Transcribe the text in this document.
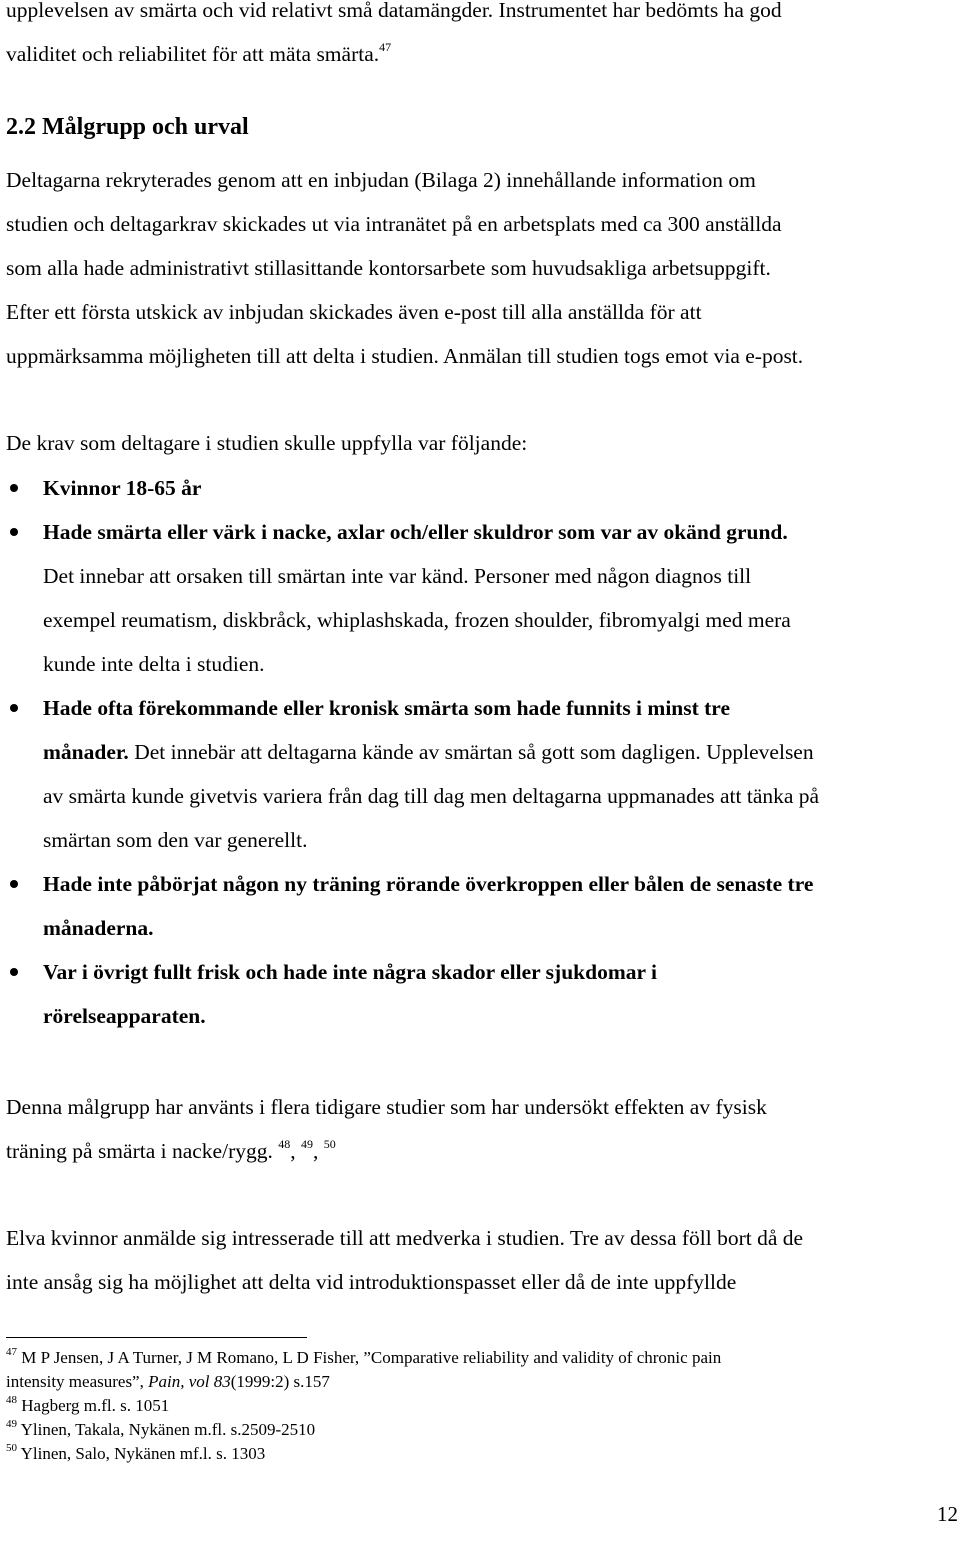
upplevelsen av smärta och vid relativt små datamängder. Instrumentet har bedömts ha god
validitet och reliabilitet för att mäta smärta.$^{47}$
2.2 Målgrupp och urval
Deltagarna rekryterades genom att en inbjudan (Bilaga 2) innehållande information om
studien och deltagarkrav skickades ut via intranätet på en arbetsplats med ca 300 anställda
som alla hade administrativt stillasittande kontorsarbete som huvudsakliga arbetsuppgift.
Efter ett första utskick av inbjudan skickades även e-post till alla anställda för att
uppmärksamma möjligheten till att delta i studien. Anmälan till studien togs emot via e-post.
De krav som deltagare i studien skulle uppfylla var följande:
Kvinnor 18-65 år
Hade smärta eller värk i nacke, axlar och/eller skuldror som var av okänd grund.
Det innebar att orsaken till smärtan inte var känd. Personer med någon diagnos till
exempel reumatism, diskbråck, whiplashskada, frozen shoulder, fibromyalgi med mera
kunde inte delta i studien.
Hade ofta förekommande eller kronisk smärta som hade funnits i minst tre
månader. Det innebär att deltagarna kände av smärtan så gott som dagligen. Upplevelsen
av smärta kunde givetvis variera från dag till dag men deltagarna uppmanades att tänka på
smärtan som den var generellt.
Hade inte påbörjat någon ny träning rörande överkroppen eller bålen de senaste tre
månaderna.
Var i övrigt fullt frisk och hade inte några skador eller sjukdomar i
rörelseapparaten.
Denna målgrupp har använts i flera tidigare studier som har undersökt effekten av fysisk
träning på smärta i nacke/rygg. $^{48}$, $^{49}$, $^{50}$
Elva kvinnor anmälde sig intresserade till att medverka i studien. Tre av dessa föll bort då de
inte ansåg sig ha möjlighet att delta vid introduktionspasset eller då de inte uppfyllde
$^{47}$ M P Jensen, J A Turner, J M Romano, L D Fisher, ”Comparative reliability and validity of chronic pain
intensity measures”, Pain, vol 83(1999:2) s.157
$^{48}$ Hagberg m.fl. s. 1051
$^{49}$ Ylinen, Takala, Nykänen m.fl. s.2509-2510
$^{50}$ Ylinen, Salo, Nykänen mf.l. s. 1303
12
